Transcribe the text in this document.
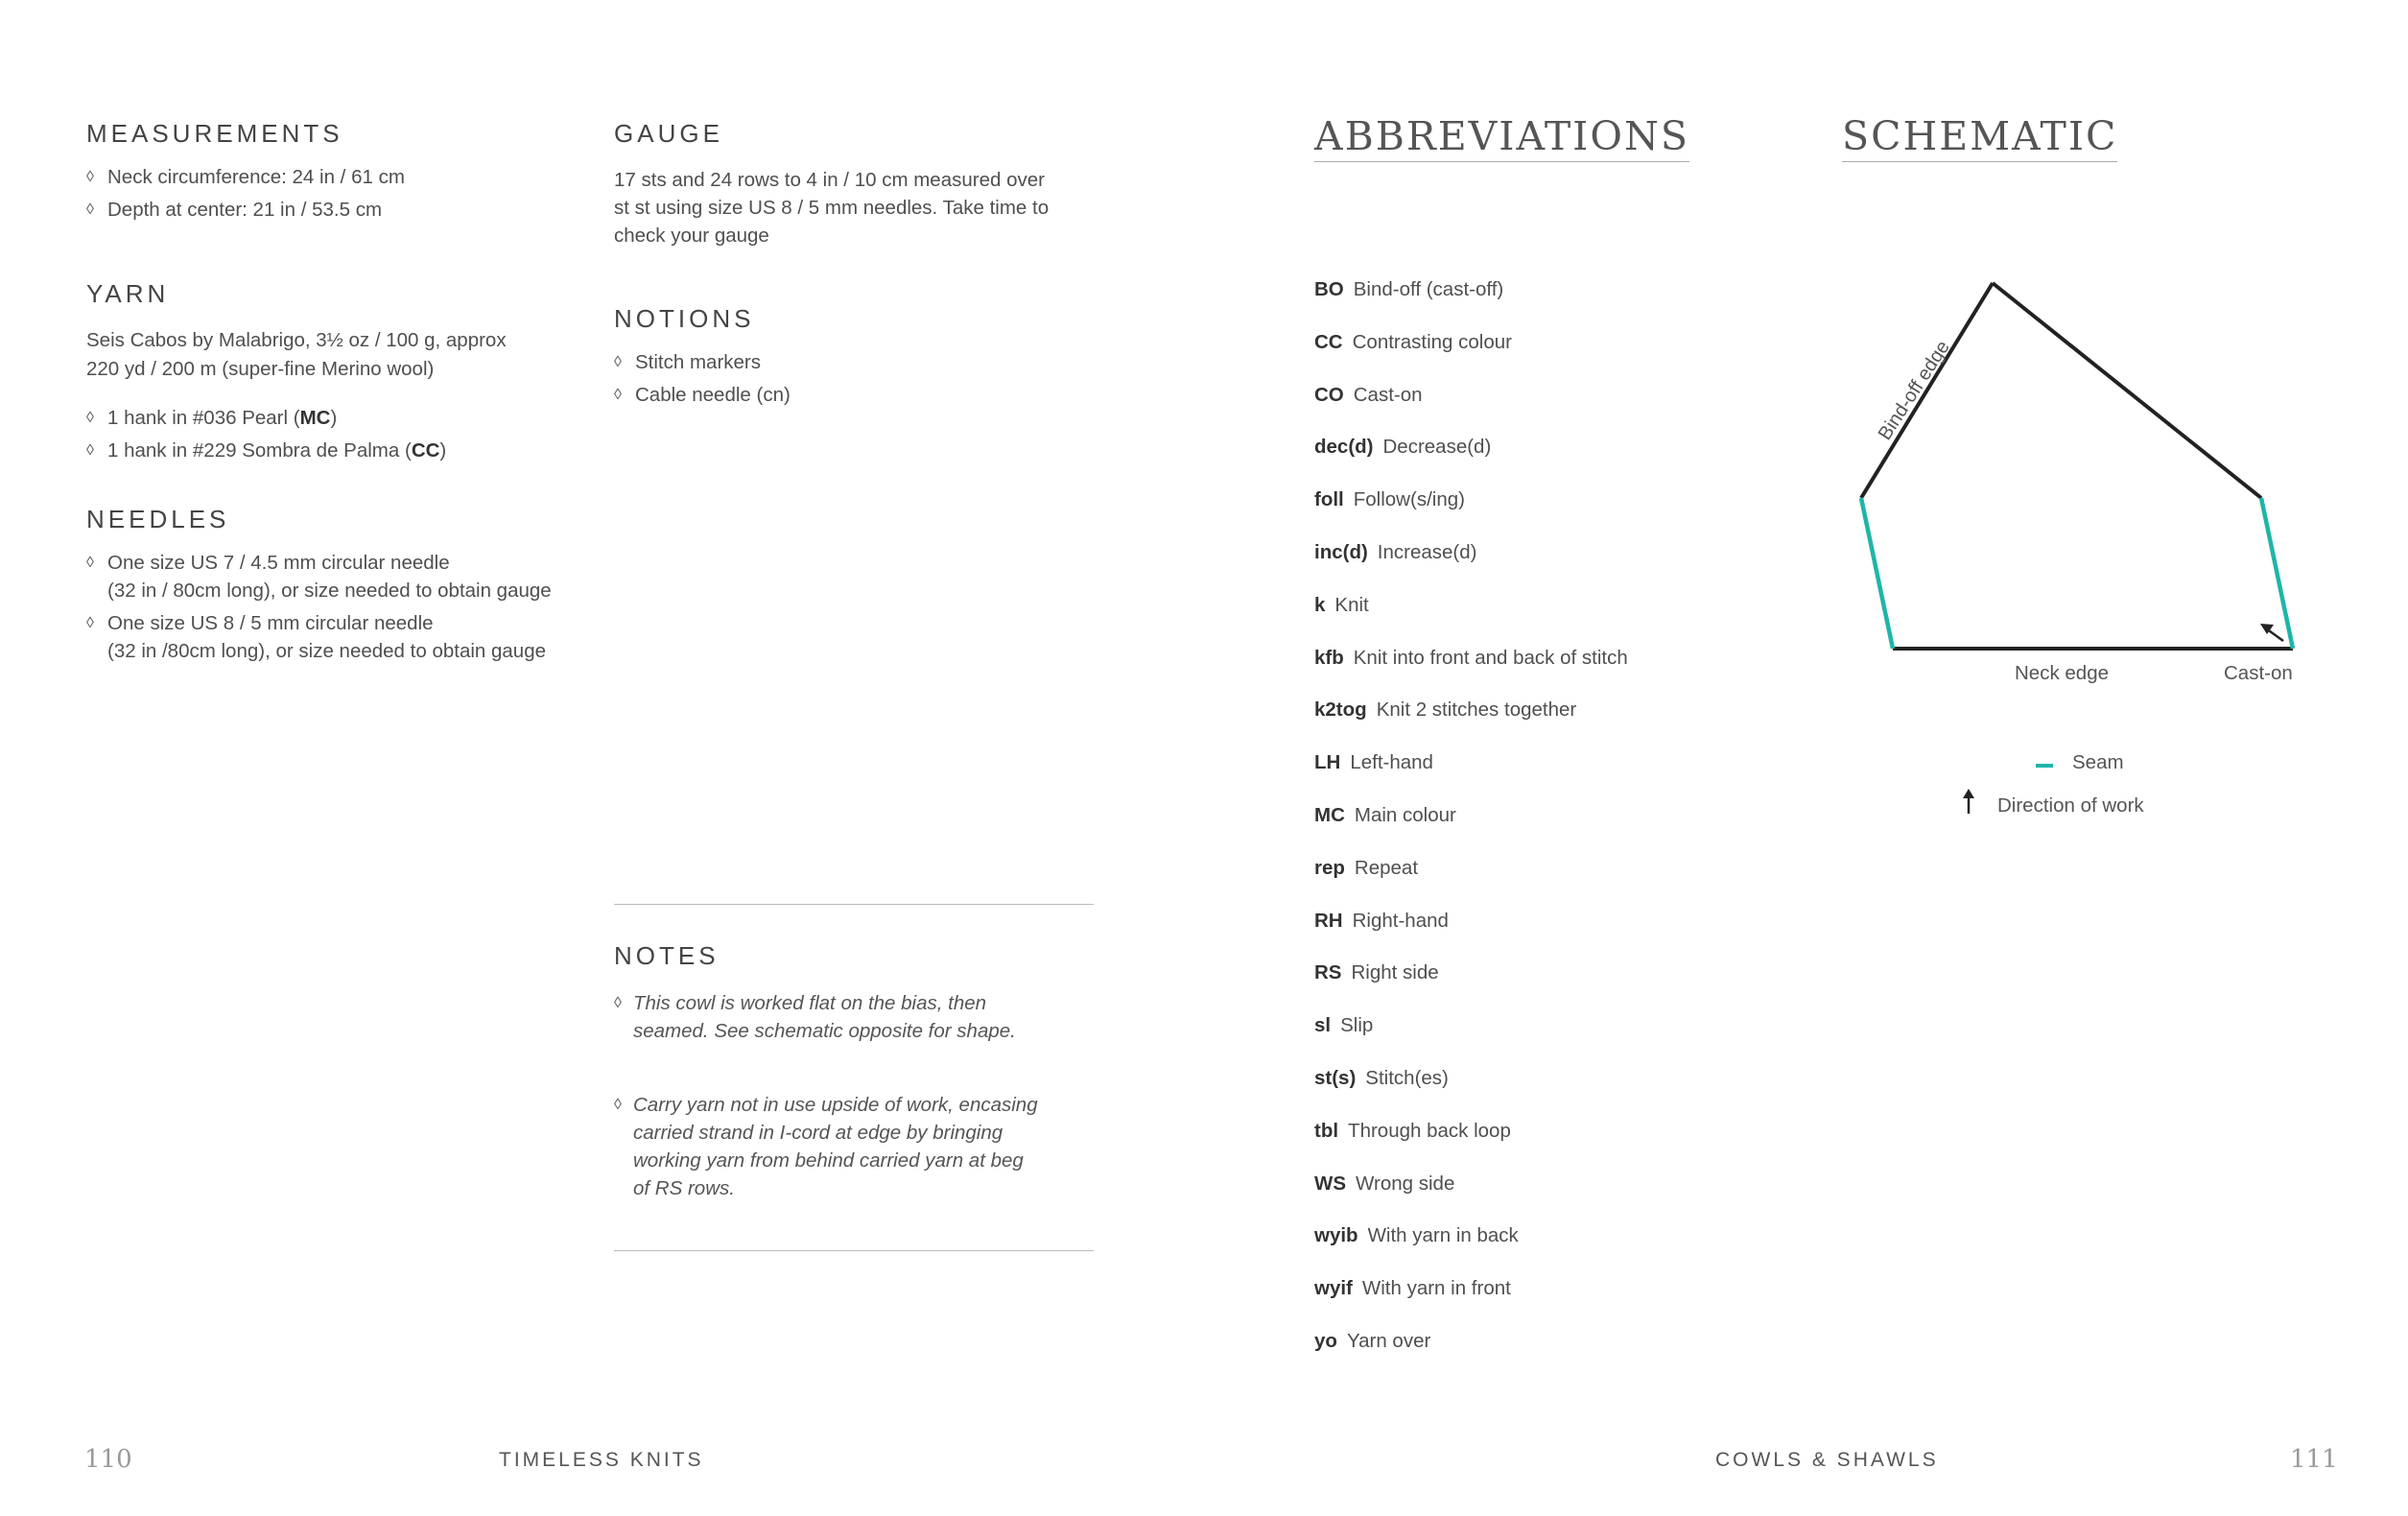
MEASUREMENTS
◊ Neck circumference: 24 in / 61 cm
◊ Depth at center: 21 in / 53.5 cm
YARN
Seis Cabos by Malabrigo, 3½ oz / 100 g, approx
220 yd / 200 m (super-fine Merino wool)
◊ 1 hank in #036 Pearl (MC)
◊ 1 hank in #229 Sombra de Palma (CC)
NEEDLES
◊ One size US 7 / 4.5 mm circular needle
(32 in / 80cm long), or size needed to obtain gauge
◊ One size US 8 / 5 mm circular needle
(32 in /80cm long), or size needed to obtain gauge
GAUGE
17 sts and 24 rows to 4 in / 10 cm measured over
st st using size US 8 / 5 mm needles. Take time to
check your gauge
NOTIONS
◊ Stitch markers
◊ Cable needle (cn)
NOTES
◊ This cowl is worked flat on the bias, then
seamed. See schematic opposite for shape.
◊ Carry yarn not in use upside of work, encasing
carried strand in I-cord at edge by bringing
working yarn from behind carried yarn at beg
of RS rows.
ABBREVIATIONS
BO Bind-off (cast-off)
CC Contrasting colour
CO Cast-on
dec(d) Decrease(d)
foll Follow(s/ing)
inc(d) Increase(d)
k Knit
kfb Knit into front and back of stitch
k2tog Knit 2 stitches together
LH Left-hand
MC Main colour
rep Repeat
RH Right-hand
RS Right side
sl Slip
st(s) Stitch(es)
tbl Through back loop
WS Wrong side
wyib With yarn in back
wyif With yarn in front
yo Yarn over
SCHEMATIC
Bind-off edge
Neck edge	Cast-on
Seam
Direction of work
110	TIMELESS KNITS	COWLS & SHAWLS	111
